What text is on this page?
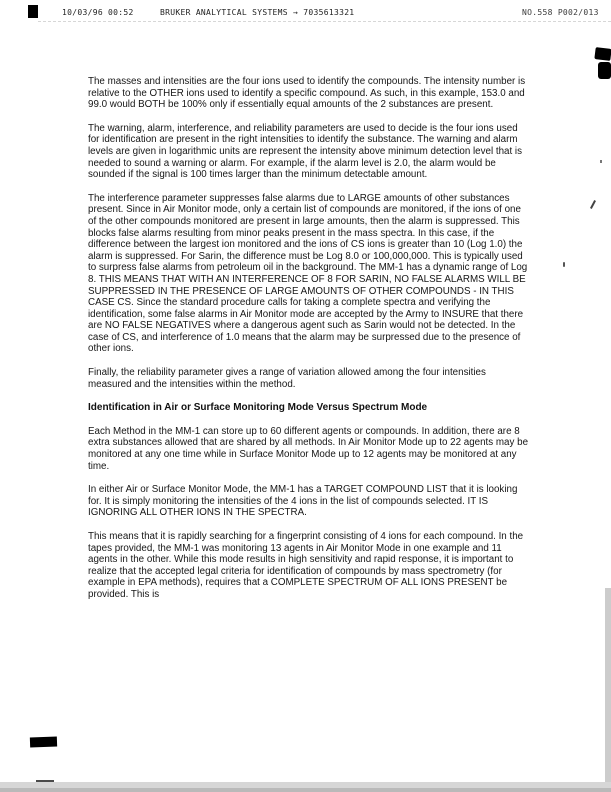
10/03/96 00:52	BRUKER ANALYTICAL SYSTEMS → 7035613321	NO.558 P002/013

The masses and intensities are the four ions used to identify the compounds. The intensity number is relative to the OTHER ions used to identify a specific compound. As such, in this example, 153.0 and 99.0 would BOTH be 100% only if essentially equal amounts of the 2 substances are present.

The warning, alarm, interference, and reliability parameters are used to decide is the four ions used for identification are present in the right intensities to identify the substance. The warning and alarm levels are given in logarithmic units are represent the intensity above minimum detection level that is needed to sound a warning or alarm. For example, if the alarm level is 2.0, the alarm would be sounded if the signal is 100 times larger than the minimum detectable amount.

The interference parameter suppresses false alarms due to LARGE amounts of other substances present. Since in Air Monitor mode, only a certain list of compounds are monitored, if the ions of one of the other compounds monitored are present in large amounts, then the alarm is suppressed. This blocks false alarms resulting from minor peaks present in the mass spectra. In this case, if the difference between the largest ion monitored and the ions of CS ions is greater than 10 (Log 1.0) the alarm is suppressed. For Sarin, the difference must be Log 8.0 or 100,000,000. This is typically used to surpress false alarms from petroleum oil in the background. The MM-1 has a dynamic range of Log 8. THIS MEANS THAT WITH AN INTERFERENCE OF 8 FOR SARIN, NO FALSE ALARMS WILL BE SUPPRESSED IN THE PRESENCE OF LARGE AMOUNTS OF OTHER COMPOUNDS - IN THIS CASE CS. Since the standard procedure calls for taking a complete spectra and verifying the identification, some false alarms in Air Monitor mode are accepted by the Army to INSURE that there are NO FALSE NEGATIVES where a dangerous agent such as Sarin would not be detected. In the case of CS, and interference of 1.0 means that the alarm may be surpressed due to the presence of other ions.

Finally, the reliability parameter gives a range of variation allowed among the four intensities measured and the intensities within the method.

Identification in Air or Surface Monitoring Mode Versus Spectrum Mode

Each Method in the MM-1 can store up to 60 different agents or compounds. In addition, there are 8 extra substances allowed that are shared by all methods. In Air Monitor Mode up to 22 agents may be monitored at any one time while in Surface Monitor Mode up to 12 agents may be monitored at any time.

In either Air or Surface Monitor Mode, the MM-1 has a TARGET COMPOUND LIST that it is looking for. It is simply monitoring the intensities of the 4 ions in the list of compounds selected. IT IS IGNORING ALL OTHER IONS IN THE SPECTRA.

This means that it is rapidly searching for a fingerprint consisting of 4 ions for each compound. In the tapes provided, the MM-1 was monitoring 13 agents in Air Monitor Mode in one example and 11 agents in the other. While this mode results in high sensitivity and rapid response, it is important to realize that the accepted legal criteria for identification of compounds by mass spectrometry (for example in EPA methods), requires that a COMPLETE SPECTRUM OF ALL IONS PRESENT be provided. This is
